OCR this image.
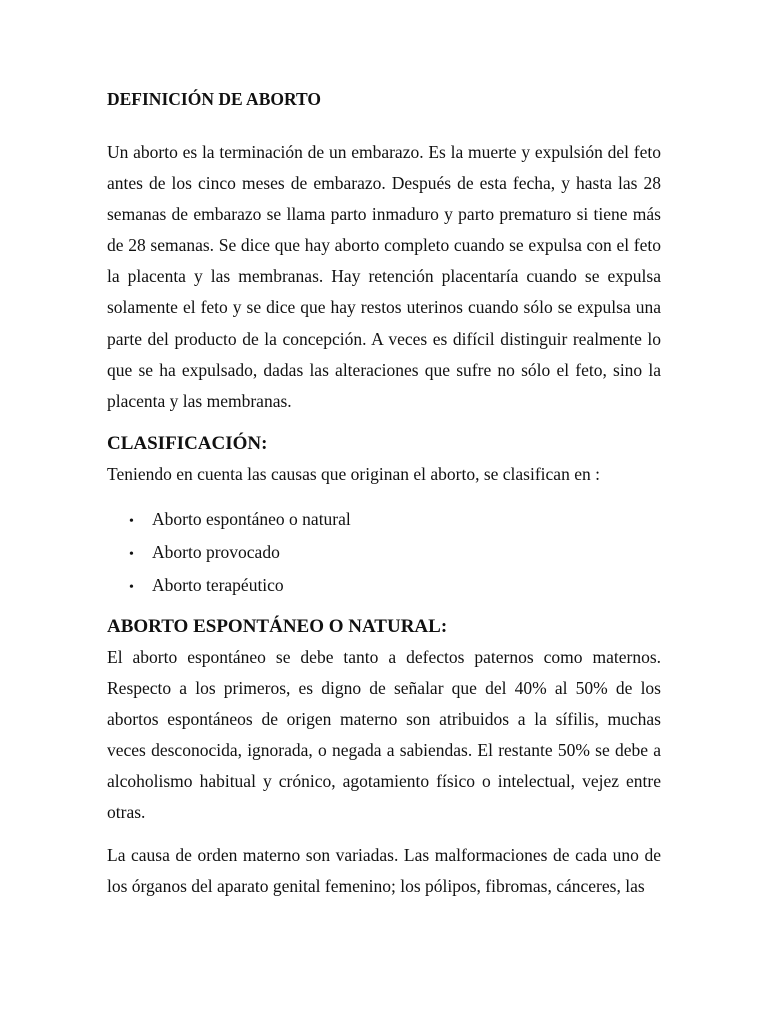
DEFINICIÓN DE ABORTO

Un aborto es la terminación de un embarazo. Es la muerte y expulsión del feto antes de los cinco meses de embarazo. Después de esta fecha, y hasta las 28 semanas de embarazo se llama parto inmaduro y parto prematuro si tiene más de 28 semanas. Se dice que hay aborto completo cuando se expulsa con el feto la placenta y las membranas. Hay retención placentaría cuando se expulsa solamente el feto y se dice que hay restos uterinos cuando sólo se expulsa una parte del producto de la concepción. A veces es difícil distinguir realmente lo que se ha expulsado, dadas las alteraciones que sufre no sólo el feto, sino la placenta y las membranas.

CLASIFICACIÓN:

Teniendo en cuenta las causas que originan el aborto, se clasifican en :

•	Aborto espontáneo o natural
•	Aborto provocado
•	Aborto terapéutico
ABORTO ESPONTÁNEO O NATURAL:

El aborto espontáneo se debe tanto a defectos paternos como maternos. Respecto a los primeros, es digno de señalar que del 40% al 50% de los abortos espontáneos de origen materno son atribuidos a la sífilis, muchas veces desconocida, ignorada, o negada a sabiendas. El restante 50% se debe a alcoholismo habitual y crónico, agotamiento físico o intelectual, vejez entre otras.

La causa de orden materno son variadas. Las malformaciones de cada uno de los órganos del aparato genital femenino; los pólipos, fibromas, cánceres, las
